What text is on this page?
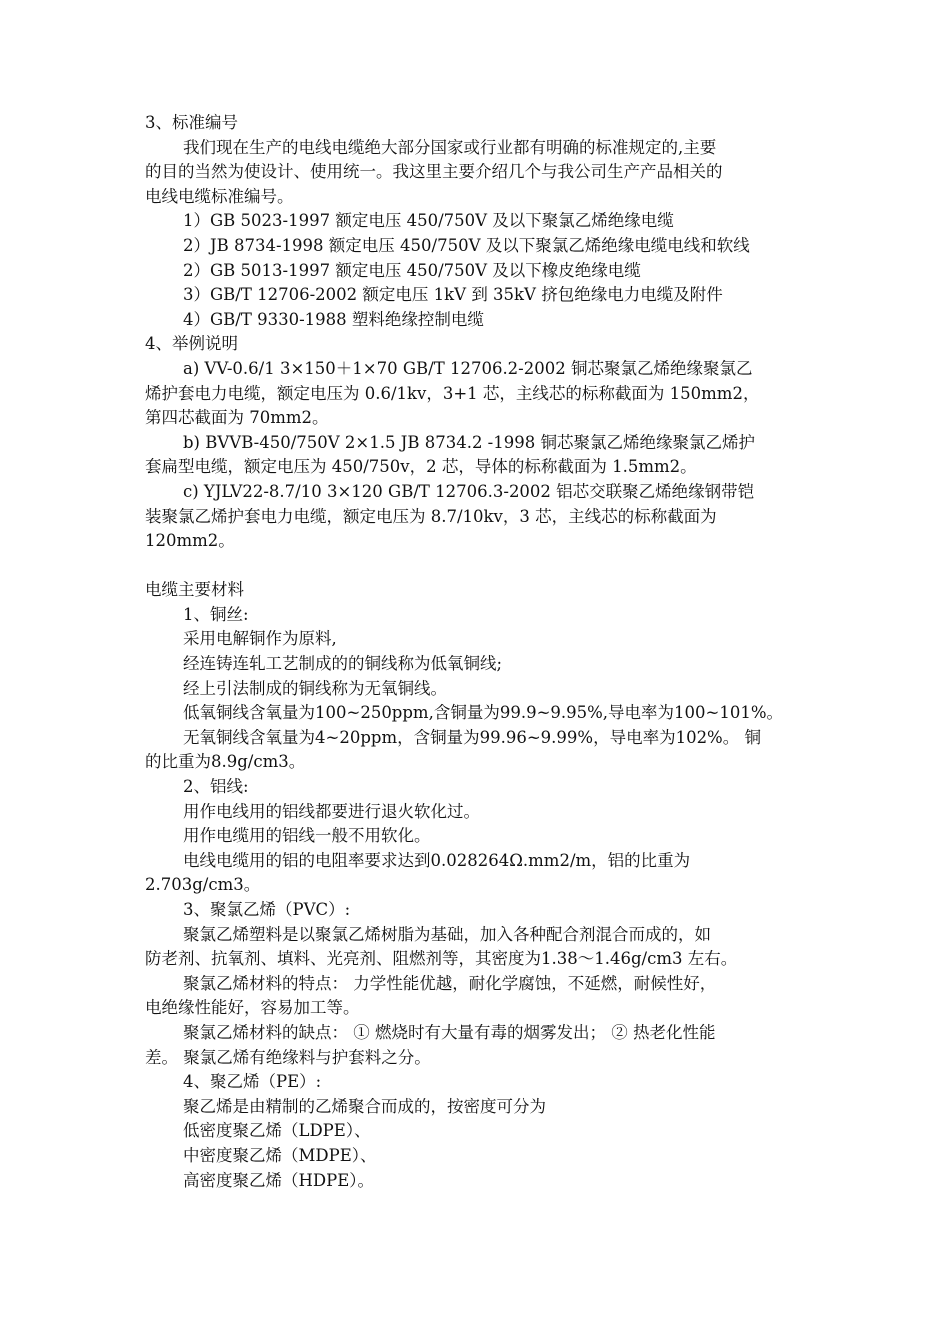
3、标准编号
我们现在生产的电线电缆绝大部分国家或行业都有明确的标准规定的,主要
的目的当然为使设计、使用统一。我这里主要介绍几个与我公司生产产品相关的
电线电缆标准编号。
1）GB 5023-1997 额定电压 450/750V 及以下聚氯乙烯绝缘电缆
2）JB 8734-1998 额定电压 450/750V 及以下聚氯乙烯绝缘电缆电线和软线
2）GB 5013-1997 额定电压 450/750V 及以下橡皮绝缘电缆
3）GB/T 12706-2002 额定电压 1kV 到 35kV 挤包绝缘电力电缆及附件
4）GB/T 9330-1988 塑料绝缘控制电缆
4、举例说明
a) VV-0.6/1 3×150＋1×70 GB/T 12706.2-2002 铜芯聚氯乙烯绝缘聚氯乙
烯护套电力电缆，额定电压为 0.6/1kv，3+1 芯，主线芯的标称截面为 150mm2，
第四芯截面为 70mm2。
b) BVVB-450/750V 2×1.5 JB 8734.2 -1998 铜芯聚氯乙烯绝缘聚氯乙烯护
套扁型电缆，额定电压为 450/750v，2 芯，导体的标称截面为 1.5mm2。
c) YJLV22-8.7/10 3×120 GB/T 12706.3-2002 铝芯交联聚乙烯绝缘钢带铠
装聚氯乙烯护套电力电缆，额定电压为 8.7/10kv，3 芯，主线芯的标称截面为
120mm2。
电缆主要材料
1、铜丝:
采用电解铜作为原料,
经连铸连轧工艺制成的的铜线称为低氧铜线;
经上引法制成的铜线称为无氧铜线。
低氧铜线含氧量为100~250ppm,含铜量为99.9~9.95%,导电率为100~101%。
无氧铜线含氧量为4~20ppm，含铜量为99.96~9.99%，导电率为102%。 铜
的比重为8.9g/cm3。
2、铝线:
用作电线用的铝线都要进行退火软化过。
用作电缆用的铝线一般不用软化。
电线电缆用的铝的电阻率要求达到0.028264Ω.mm2/m，铝的比重为
2.703g/cm3。
3、聚氯乙烯（PVC）:
聚氯乙烯塑料是以聚氯乙烯树脂为基础，加入各种配合剂混合而成的，如
防老剂、抗氧剂、填料、光亮剂、阻燃剂等，其密度为1.38～1.46g/cm3 左右。
聚氯乙烯材料的特点： 力学性能优越，耐化学腐蚀，不延燃，耐候性好，
电绝缘性能好，容易加工等。
聚氯乙烯材料的缺点： ① 燃烧时有大量有毒的烟雾发出； ② 热老化性能
差。 聚氯乙烯有绝缘料与护套料之分。
4、聚乙烯（PE）:
聚乙烯是由精制的乙烯聚合而成的，按密度可分为
低密度聚乙烯（LDPE）、
中密度聚乙烯（MDPE）、
高密度聚乙烯（HDPE）。
